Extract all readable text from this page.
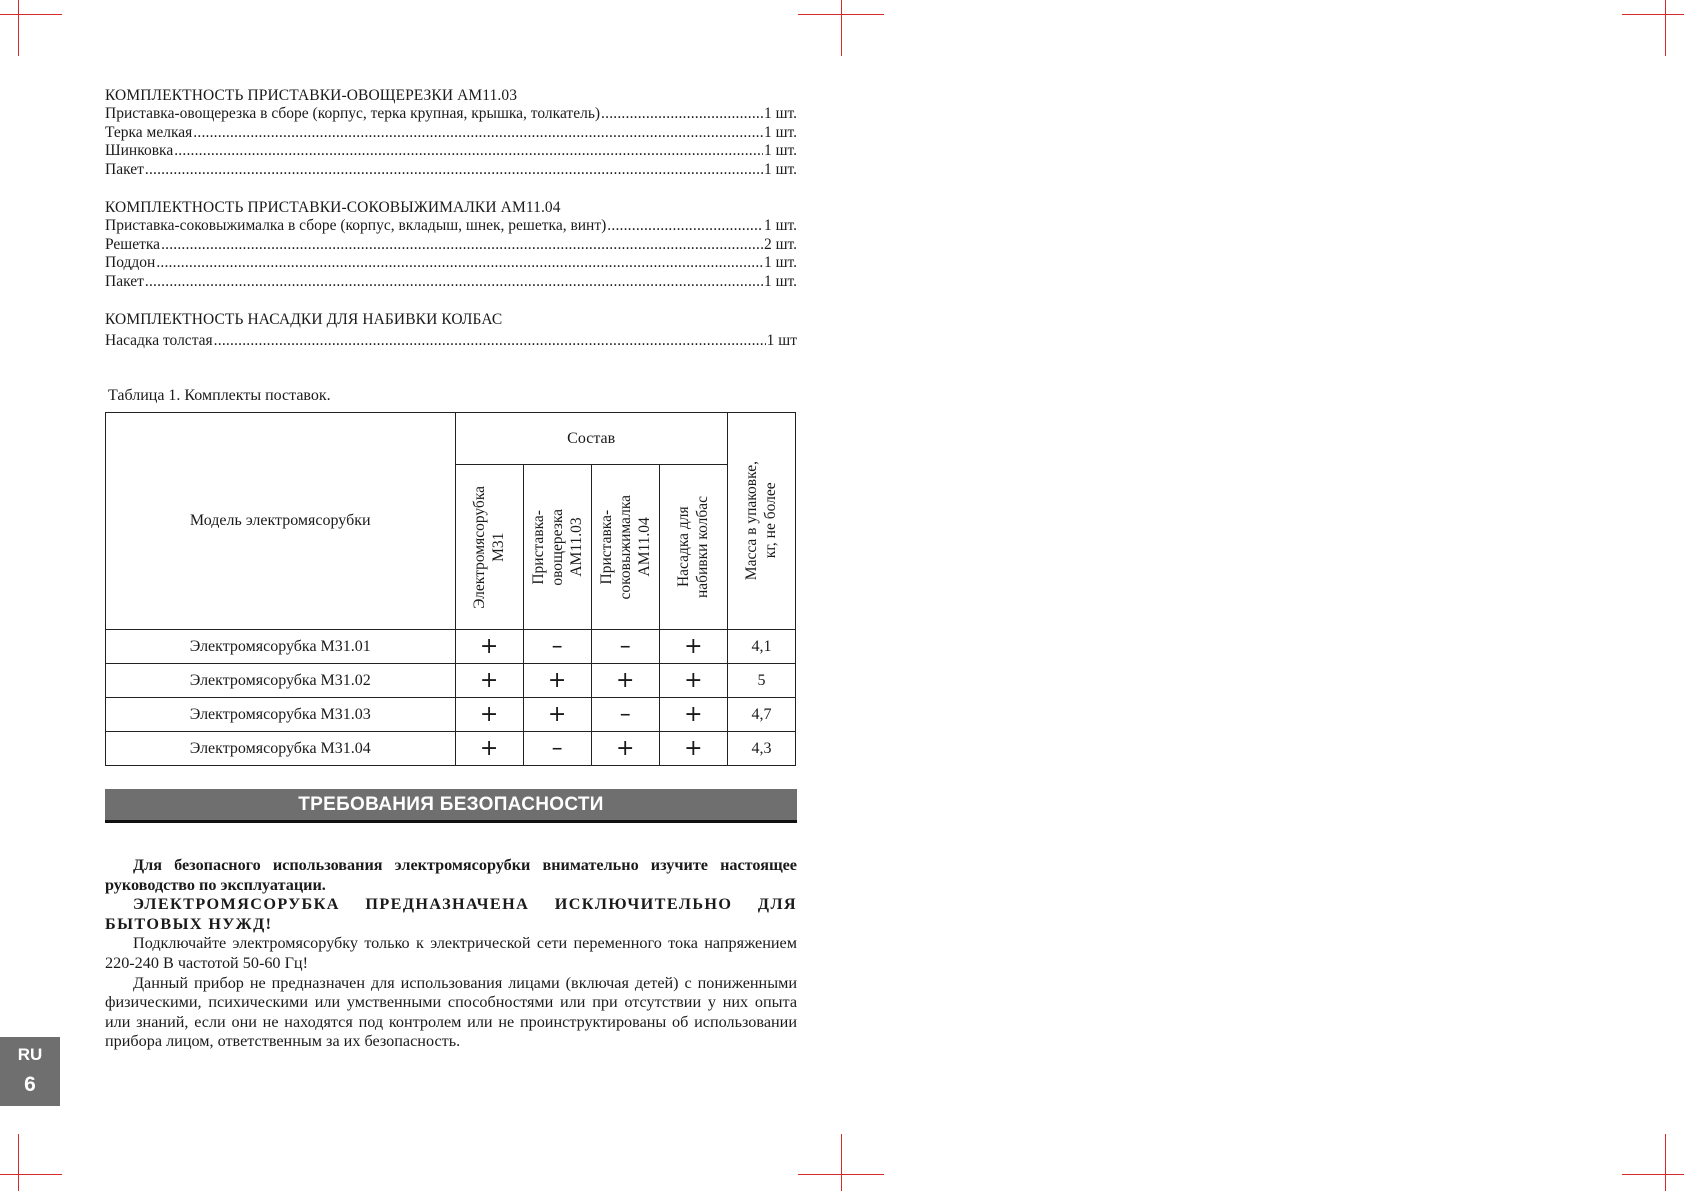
КОМПЛЕКТНОСТЬ ПРИСТАВКИ-ОВОЩЕРЕЗКИ АМ11.03
Приставка-овощерезка в сборе (корпус, терка крупная, крышка, толкатель) .....	1 шт.
Терка мелкая .....	1 шт.
Шинковка .....	1 шт.
Пакет .....	1 шт.
КОМПЛЕКТНОСТЬ ПРИСТАВКИ-СОКОВЫЖИМАЛКИ АМ11.04
Приставка-соковыжималка в сборе (корпус, вкладыш, шнек, решетка, винт) .....	1 шт.
Решетка .....	2 шт.
Поддон .....	1 шт.
Пакет .....	1 шт.
КОМПЛЕКТНОСТЬ НАСАДКИ ДЛЯ НАБИВКИ КОЛБАС
Насадка толстая .....	1 шт
Таблица 1. Комплекты поставок.
Модель электромясорубки	Состав				Масса в упаковке, кг, не более

	Электромясорубка М31	Приставка- овощерезка АМ11.03	Приставка- соковыжималка АМ11.04	Насадка для набивки колбас	

Электромясорубка М31.01	+	–	–	+	4,1
Электромясорубка М31.02	+	+	+	+	5
Электромясорубка М31.03	+	+	–	+	4,7
Электромясорубка М31.04	+	–	+	+	4,3
ТРЕБОВАНИЯ БЕЗОПАСНОСТИ

Для безопасного использования электромясорубки внимательно изучите настоящее руководство по эксплуатации.

ЭЛЕКТРОМЯСОРУБКА ПРЕДНАЗНАЧЕНА ИСКЛЮЧИТЕЛЬНО ДЛЯ БЫТОВЫХ НУЖД!

Подключайте электромясорубку только к электрической сети переменного тока напряжением 220-240 В частотой 50-60 Гц!

Данный прибор не предназначен для использования лицами (включая детей) с пониженными физическими, психическими или умственными способностями или при отсутствии у них опыта или знаний, если они не находятся под контролем или не проинструктированы об использовании прибора лицом, ответственным за их безопасность.

RU
6
